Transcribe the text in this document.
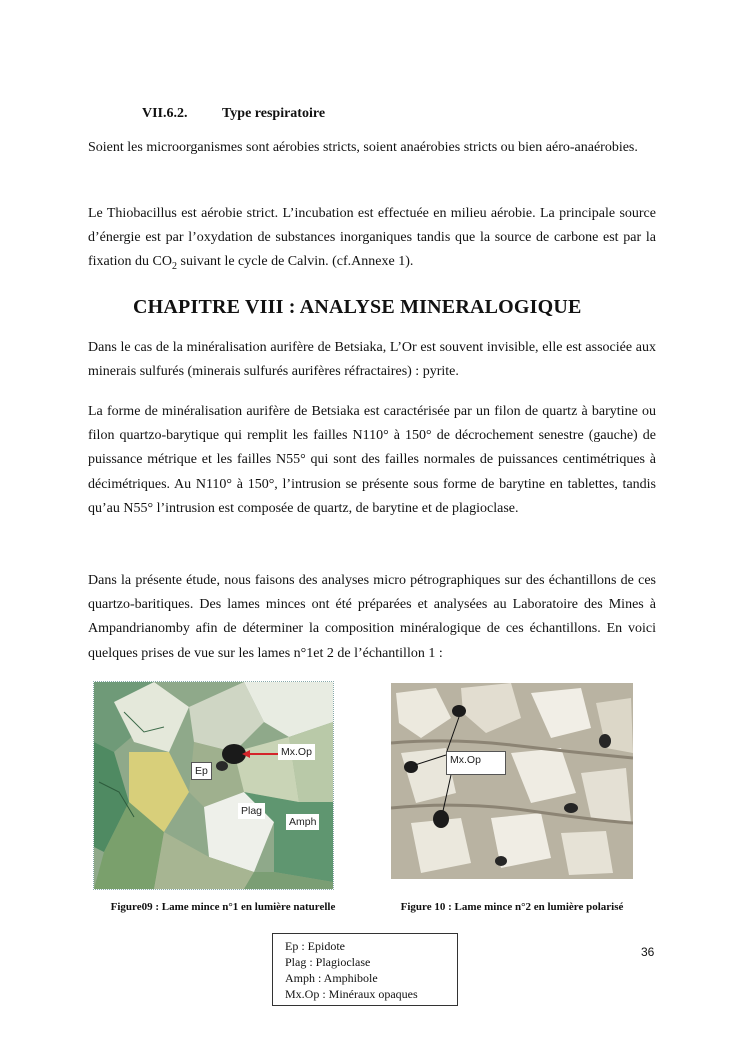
VII.6.2. Type respiratoire

Soient les microorganismes sont aérobies stricts, soient anaérobies stricts ou bien aéro-anaérobies.

Le Thiobacillus est aérobie strict. L’incubation est effectuée en milieu aérobie. La principale source d’énergie est par l’oxydation de substances inorganiques tandis que la source de carbone est par la fixation du $CO_2$ suivant le cycle de Calvin. (cf.Annexe 1).

CHAPITRE VIII : ANALYSE MINERALOGIQUE

Dans le cas de la minéralisation aurifère de Betsiaka, L’Or est souvent invisible, elle est associée aux minerais sulfurés (minerais sulfurés aurifères réfractaires) : pyrite.

La forme de minéralisation aurifère de Betsiaka est caractérisée par un filon de quartz à barytine ou filon quartzo-barytique qui remplit les failles N110° à 150° de décrochement senestre (gauche) de puissance métrique et les failles N55° qui sont des failles normales de puissances centimétriques à décimétriques. Au N110° à 150°, l’intrusion se présente sous forme de barytine en tablettes, tandis qu’au N55° l’intrusion est composée de quartz, de barytine et de plagioclase.

Dans la présente étude, nous faisons des analyses micro pétrographiques sur des échantillons de ces quartzo-baritiques. Des lames minces ont été préparées et analysées au Laboratoire des Mines à Ampandrianomby afin de déterminer la composition minéralogique de ces échantillons. En voici quelques prises de vue sur les lames n°1et 2 de l’échantillon 1 :

Mx.Op
Ep
Plag
Amph
Mx.Op
Figure09 : Lame mince n°1 en lumière naturelle	Figure 10 : Lame mince n°2 en lumière polarisé
36
Ep : Epidote
Plag : Plagioclase
Amph : Amphibole
Mx.Op : Minéraux opaques
